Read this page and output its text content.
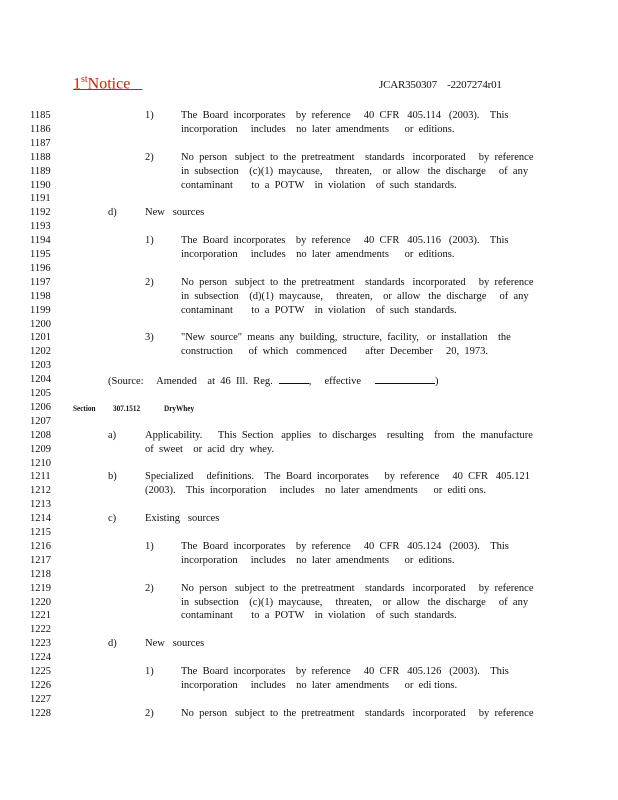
1stNotice	JCAR350307    -2207274r01
1185	1)	The  Board  incorporates    by  reference     40  CFR   405.114   (2003).    This
1186	incorporation     includes    no  later  amendments      or  editions.
1187
1188	2)	No  person   subject  to  the  pretreatment    standards   incorporated     by  reference
1189	in  subsection    (c)(1)  maycause,     threaten,    or  allow   the  discharge     of  any
1190	contaminant       to  a  POTW    in  violation    of  such  standards.
1191
1192	d)	New   sources
1193
1194	1)	The  Board  incorporates    by  reference     40  CFR   405.116   (2003).    This
1195	incorporation     includes    no  later  amendments      or  editions.
1196
1197	2)	No  person   subject  to  the  pretreatment    standards   incorporated     by  reference
1198	in  subsection    (d)(1)  maycause,     threaten,    or  allow   the  discharge     of  any
1199	contaminant       to  a  POTW    in  violation    of  such  standards.
1200
1201	3)	"New  source"  means  any  building,  structure,  facility,   or  installation    the
1202	construction      of  which   commenced       after  December     20,  1973.
1203
1204	(Source:     Amended    at  46  Ill.  Reg.	,     effective	)
1205
1206	Section 307.1512	DryWhey
1207
1208	a)	Applicability.      This  Section   applies   to  discharges    resulting    from   the  manufacture
1209	of  sweet    or  acid  dry  whey.
1210
1211	b)	Specialized     definitions.    The  Board  incorporates      by  reference     40  CFR   405.121
1212	(2003).    This  incorporation     includes    no  later  amendments      or  editi ons.
1213
1214	c)	Existing   sources
1215
1216	1)	The  Board  incorporates    by  reference     40  CFR   405.124   (2003).    This
1217	incorporation     includes    no  later  amendments      or  editions.
1218
1219	2)	No  person   subject  to  the  pretreatment    standards   incorporated     by  reference
1220	in  subsection    (c)(1)  maycause,     threaten,    or  allow   the  discharge     of  any
1221	contaminant       to  a  POTW    in  violation    of  such  standards.
1222
1223	d)	New   sources
1224
1225	1)	The  Board  incorporates    by  reference     40  CFR   405.126   (2003).    This
1226	incorporation     includes    no  later  amendments      or  edi tions.
1227
1228	2)	No  person   subject  to  the  pretreatment    standards   incorporated     by  reference
